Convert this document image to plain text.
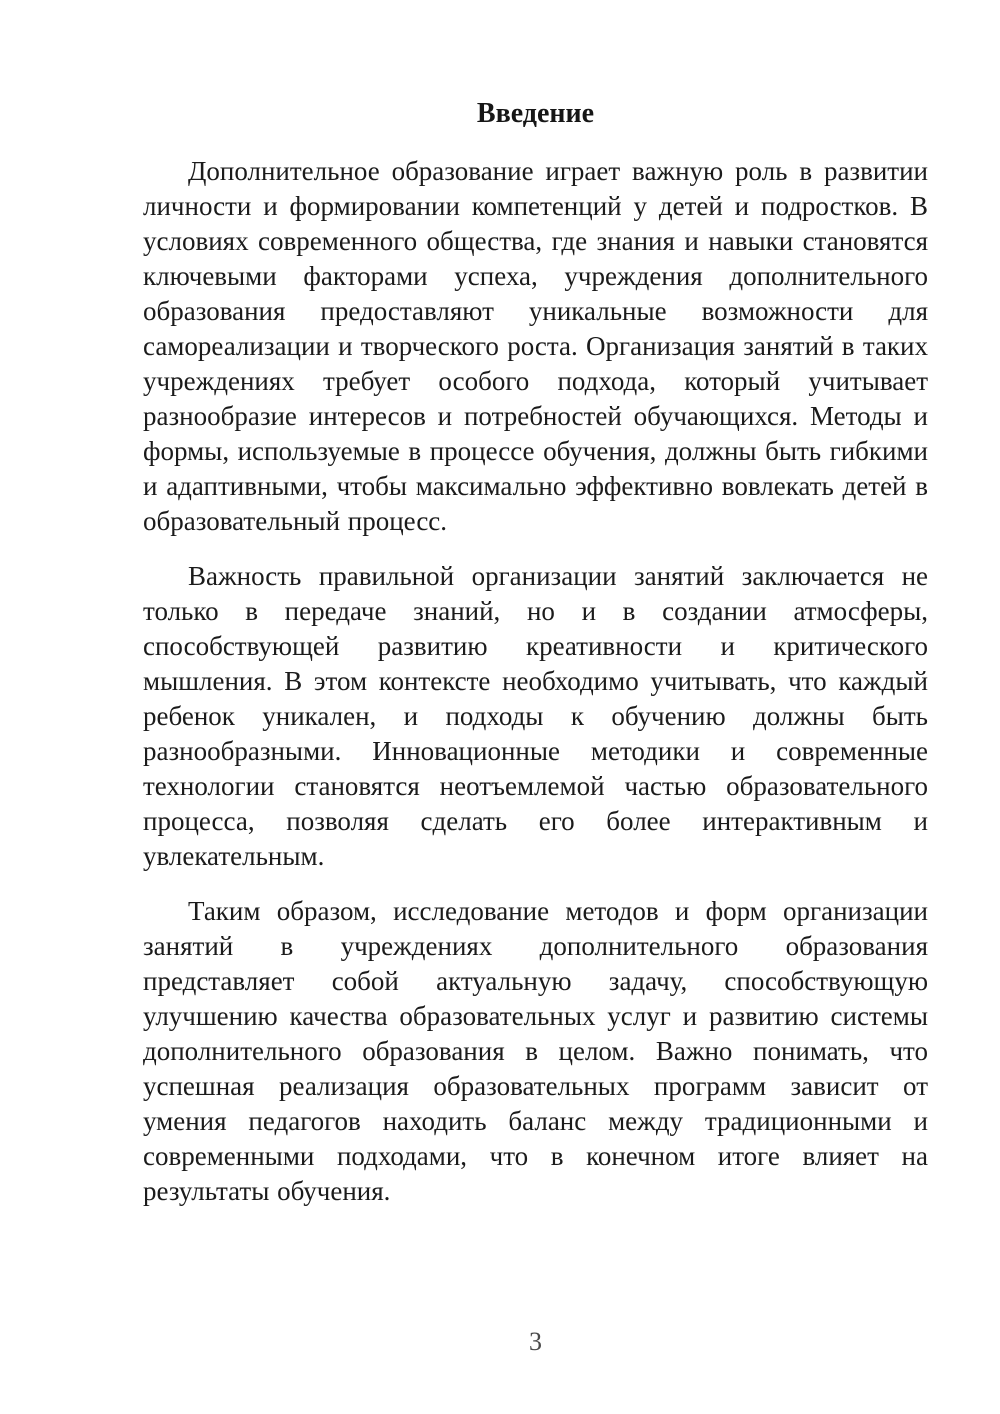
Введение

Дополнительное образование играет важную роль в развитии личности и формировании компетенций у детей и подростков. В условиях современного общества, где знания и навыки становятся ключевыми факторами успеха, учреждения дополнительного образования предоставляют уникальные возможности для самореализации и творческого роста. Организация занятий в таких учреждениях требует особого подхода, который учитывает разнообразие интересов и потребностей обучающихся. Методы и формы, используемые в процессе обучения, должны быть гибкими и адаптивными, чтобы максимально эффективно вовлекать детей в образовательный процесс.

Важность правильной организации занятий заключается не только в передаче знаний, но и в создании атмосферы, способствующей развитию креативности и критического мышления. В этом контексте необходимо учитывать, что каждый ребенок уникален, и подходы к обучению должны быть разнообразными. Инновационные методики и современные технологии становятся неотъемлемой частью образовательного процесса, позволяя сделать его более интерактивным и увлекательным.

Таким образом, исследование методов и форм организации занятий в учреждениях дополнительного образования представляет собой актуальную задачу, способствующую улучшению качества образовательных услуг и развитию системы дополнительного образования в целом. Важно понимать, что успешная реализация образовательных программ зависит от умения педагогов находить баланс между традиционными и современными подходами, что в конечном итоге влияет на результаты обучения.

3
